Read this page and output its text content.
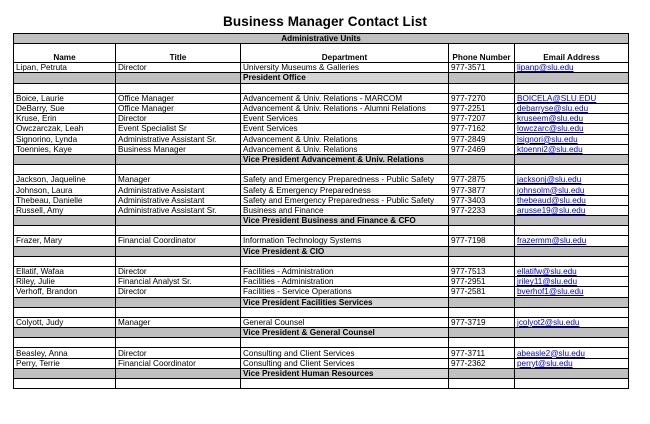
Business Manager Contact List
Administrative Units				
Name	Title	Department	Phone Number	Email Address
Lipan, Petruta	Director	University Museums & Galleries	977-3571	lipanp@slu.edu
		President Office		

Boice, Laurie	Office Manager	Advancement & Univ. Relations - MARCOM	977-7270	BOICELA@SLU.EDU
DeBarry, Sue	Office Manager	Advancement & Univ. Relations - Alumni Relations	977-2251	debarryse@slu.edu
Kruse, Erin	Director	Event Services	977-7207	kruseem@slu.edu
Owczarczak, Leah	Event Specialist Sr	Event Services	977-7162	lowczarc@slu.edu
Signorino, Lynda	Administrative Assistant Sr.	Advancement & Univ. Relations	977-2849	lsignori@slu.edu
Toennies, Kaye	Business Manager	Advancement & Univ. Relations	977-2469	ktoenni2@slu.edu
		Vice President Advancement & Univ. Relations		

Jackson, Jaqueline	Manager	Safety and Emergency Preparedness - Public Safety	977-2875	jacksonj@slu.edu
Johnson, Laura	Administrative Assistant	Safety & Emergency Preparedness	977-3877	johnsolm@slu.edu
Thebeau, Danielle	Administrative Assistant	Safety and Emergency Preparedness - Public Safety	977-3403	thebeaud@slu.edu
Russell, Amy	Administrative Assistant Sr.	Business and Finance	977-2233	arusse19@slu.edu
		Vice President Business and Finance & CFO		

Frazer, Mary	Financial Coordinator	Information Technology Systems	977-7198	frazermm@slu.edu
		Vice President & CIO		

Ellatif, Wafaa	Director	Facilities - Administration	977-7513	ellatifw@slu.edu
Riley, Julie	Financial Analyst Sr.	Facilities - Administration	977-2951	jriley11@slu.edu
Verhoff, Brandon	Director	Facilities - Service Operations	977-2581	bverhof1@slu.edu
		Vice President Facilities Services		

Colyott, Judy	Manager	General Counsel	977-3719	jcolyot2@slu.edu
		Vice President & General Counsel		

Beasley, Anna	Director	Consulting and Client Services	977-3711	abeasle2@slu.edu
Perry, Terrie	Financial Coordinator	Consulting and Client Services	977-2362	perryt@slu.edu
		Vice President Human Resources		
